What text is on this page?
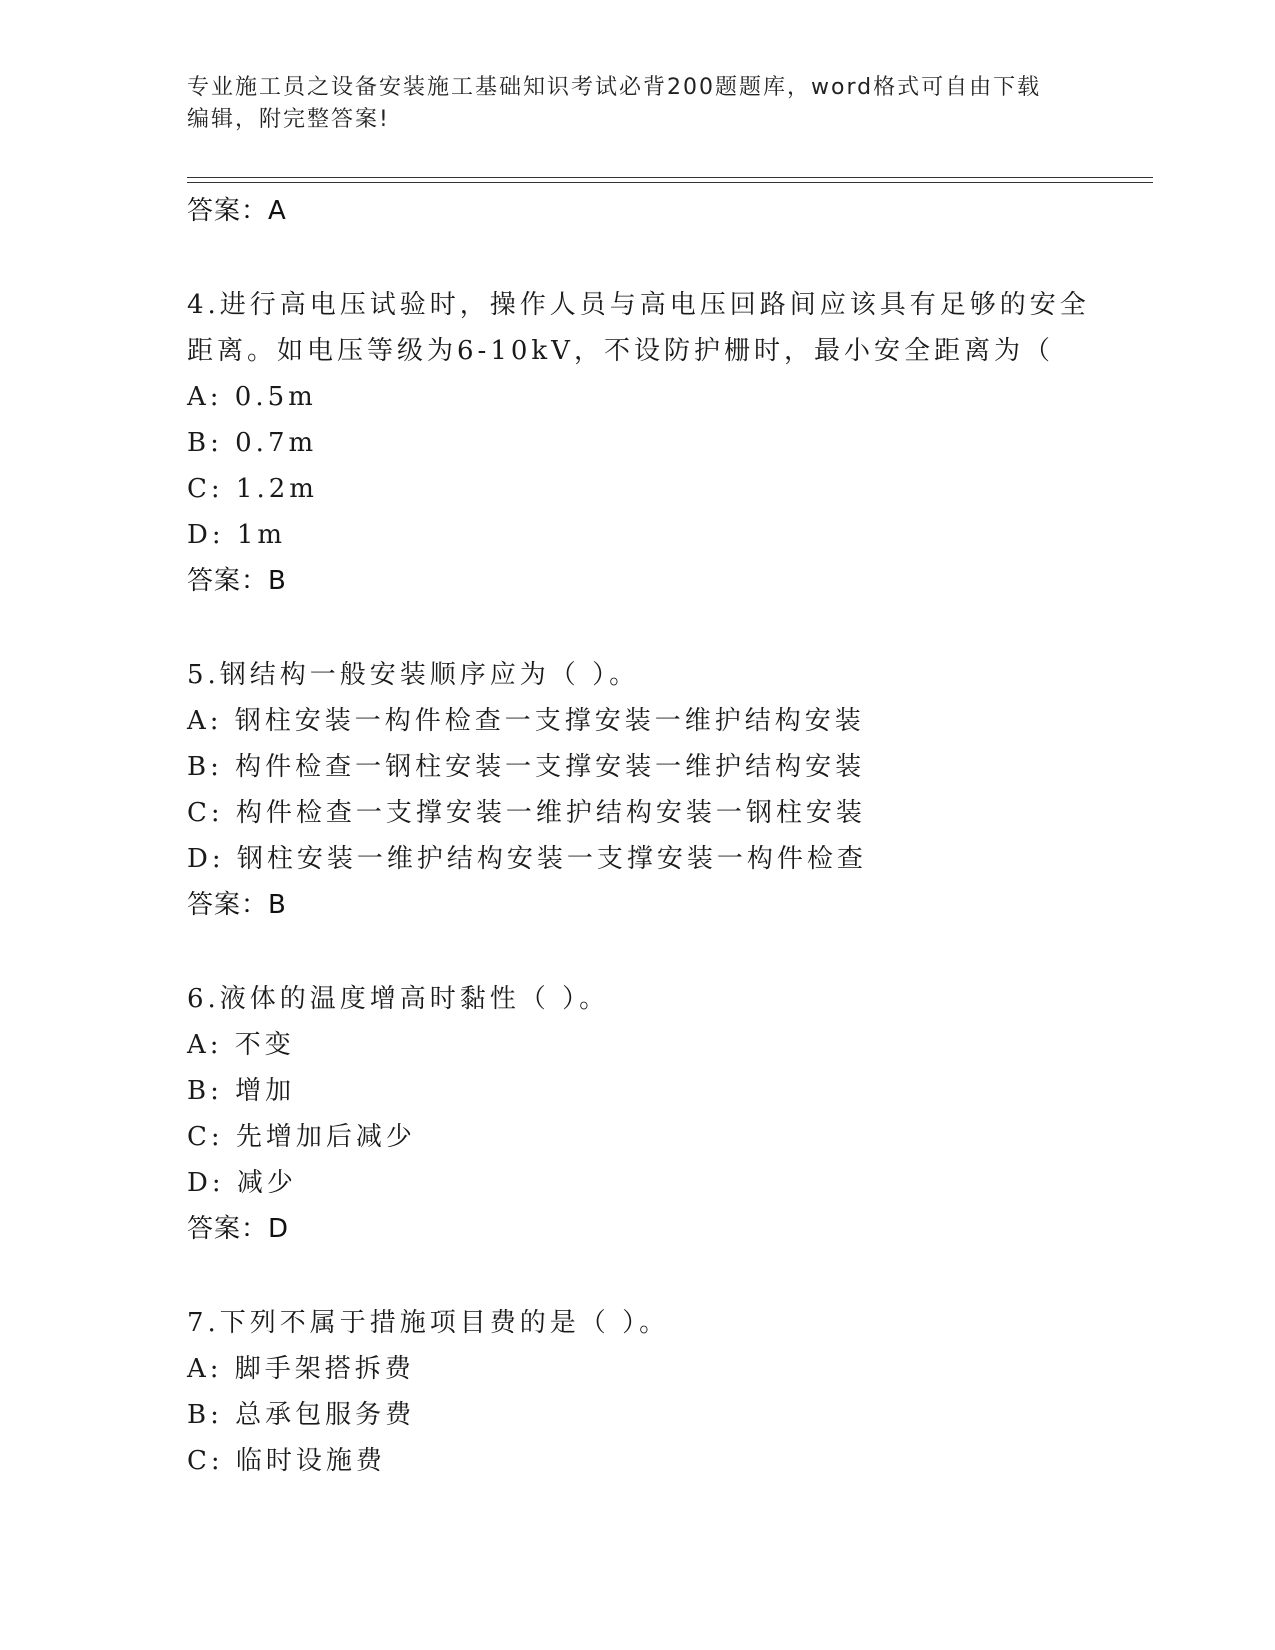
专业施工员之设备安装施工基础知识考试必背200题题库，word格式可自由下载
编辑，附完整答案!
答案：A
4.进行高电压试验时，操作人员与高电压回路间应该具有足够的安全
距离。如电压等级为6-10kV，不设防护栅时，最小安全距离为（
A: 0.5m
B: 0.7m
C: 1.2m
D: 1m
答案：B
5.钢结构一般安装顺序应为（ ）。
A: 钢柱安装一构件检查一支撑安装一维护结构安装
B: 构件检查一钢柱安装一支撑安装一维护结构安装
C: 构件检查一支撑安装一维护结构安装一钢柱安装
D: 钢柱安装一维护结构安装一支撑安装一构件检查
答案：B
6.液体的温度增高时黏性（ ）。
A: 不变
B: 增加
C: 先增加后减少
D: 减少
答案：D
7.下列不属于措施项目费的是（ ）。
A: 脚手架搭拆费
B: 总承包服务费
C: 临时设施费
